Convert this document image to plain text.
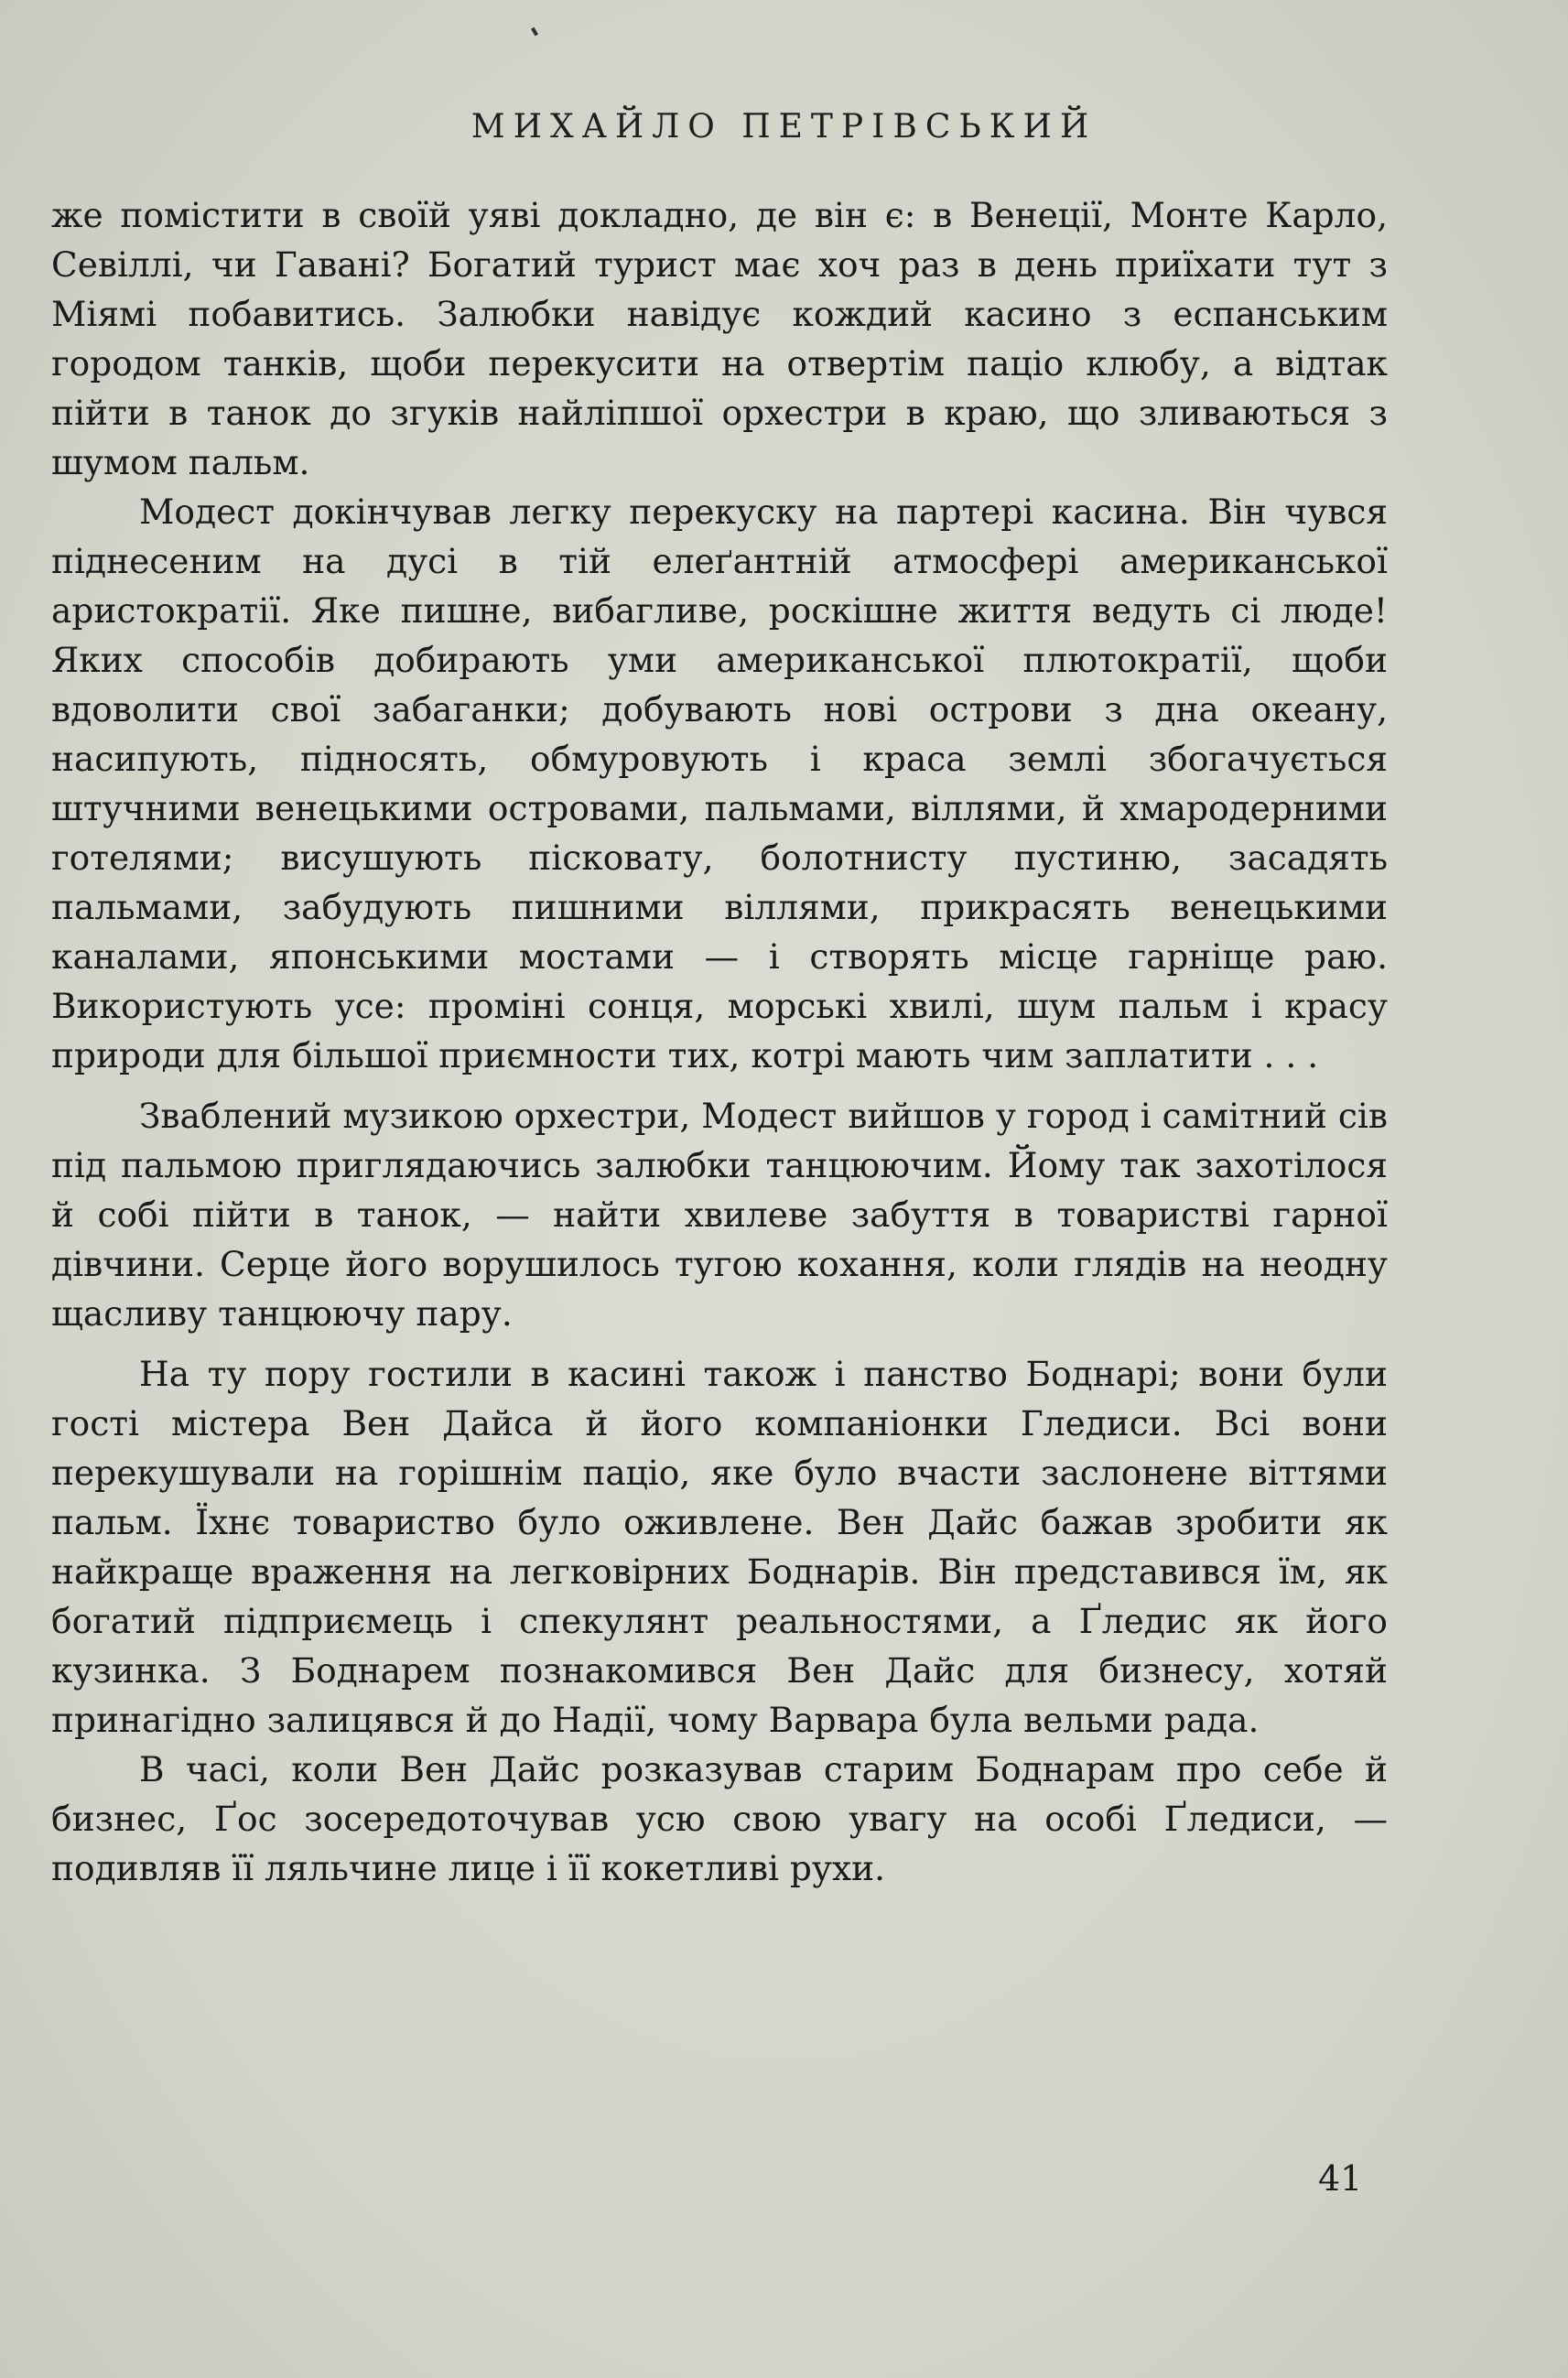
МИХАЙЛО ПЕТРІВСЬКИЙ

же помістити в своїй уяві докладно, де він є: в Венеції, Монте Карло, Севіллі, чи Гавані? Богатий турист має хоч раз в день приїхати тут з Міямі побавитись. Залюбки навідує кождий касино з еспанським городом танків, щоби перекусити на отвертім паціо клюбу, а відтак пійти в танок до згуків найліпшої орхестри в краю, що зливаються з шумом пальм.

Модест докінчував легку перекуску на партері касина. Він чувся піднесеним на дусі в тій елеґантній атмосфері американської аристократії. Яке пишне, вибагливе, роскішне життя ведуть сі люде! Яких способів добирають уми американської плютократії, щоби вдоволити свої забаганки; добувають нові острови з дна океану, насипують, підносять, обмуровують і краса землі збогачується штучними венецькими островами, пальмами, віллями, й хмародерними готелями; висушують пісковату, болотнисту пустиню, засадять пальмами, забудують пишними віллями, прикрасять венецькими каналами, японськими мостами — і створять місце гарніще раю. Використують усе: проміні сонця, морські хвилі, шум пальм і красу природи для більшої приємности тих, котрі мають чим заплатити . . .

Зваблений музикою орхестри, Модест вийшов у город і самітний сів під пальмою приглядаючись залюбки танцюючим. Йому так захотілося й собі пійти в танок, — найти хвилеве забуття в товаристві гарної дівчини. Серце його ворушилось тугою кохання, коли глядів на неодну щасливу танцюючу пару.

На ту пору гостили в касині також і панство Боднарі; вони були гості містера Вен Дайса й його компаніонки Гледиси. Всі вони перекушували на горішнім паціо, яке було вчасти заслонене віттями пальм. Їхнє товариство було оживлене. Вен Дайс бажав зробити як найкраще враження на легковірних Боднарів. Він представився їм, як богатий підприємець і спекулянт реальностями, а Ґледис як його кузинка. З Боднарем познакомився Вен Дайс для бизнесу, хотяй принагідно залицявся й до Надії, чому Варвара була вельми рада.

В часі, коли Вен Дайс розказував старим Боднарам про себе й бизнес, Ґос зосередоточував усю свою увагу на особі Ґледиси, — подивляв її ляльчине лице і її кокетливі рухи.

41
